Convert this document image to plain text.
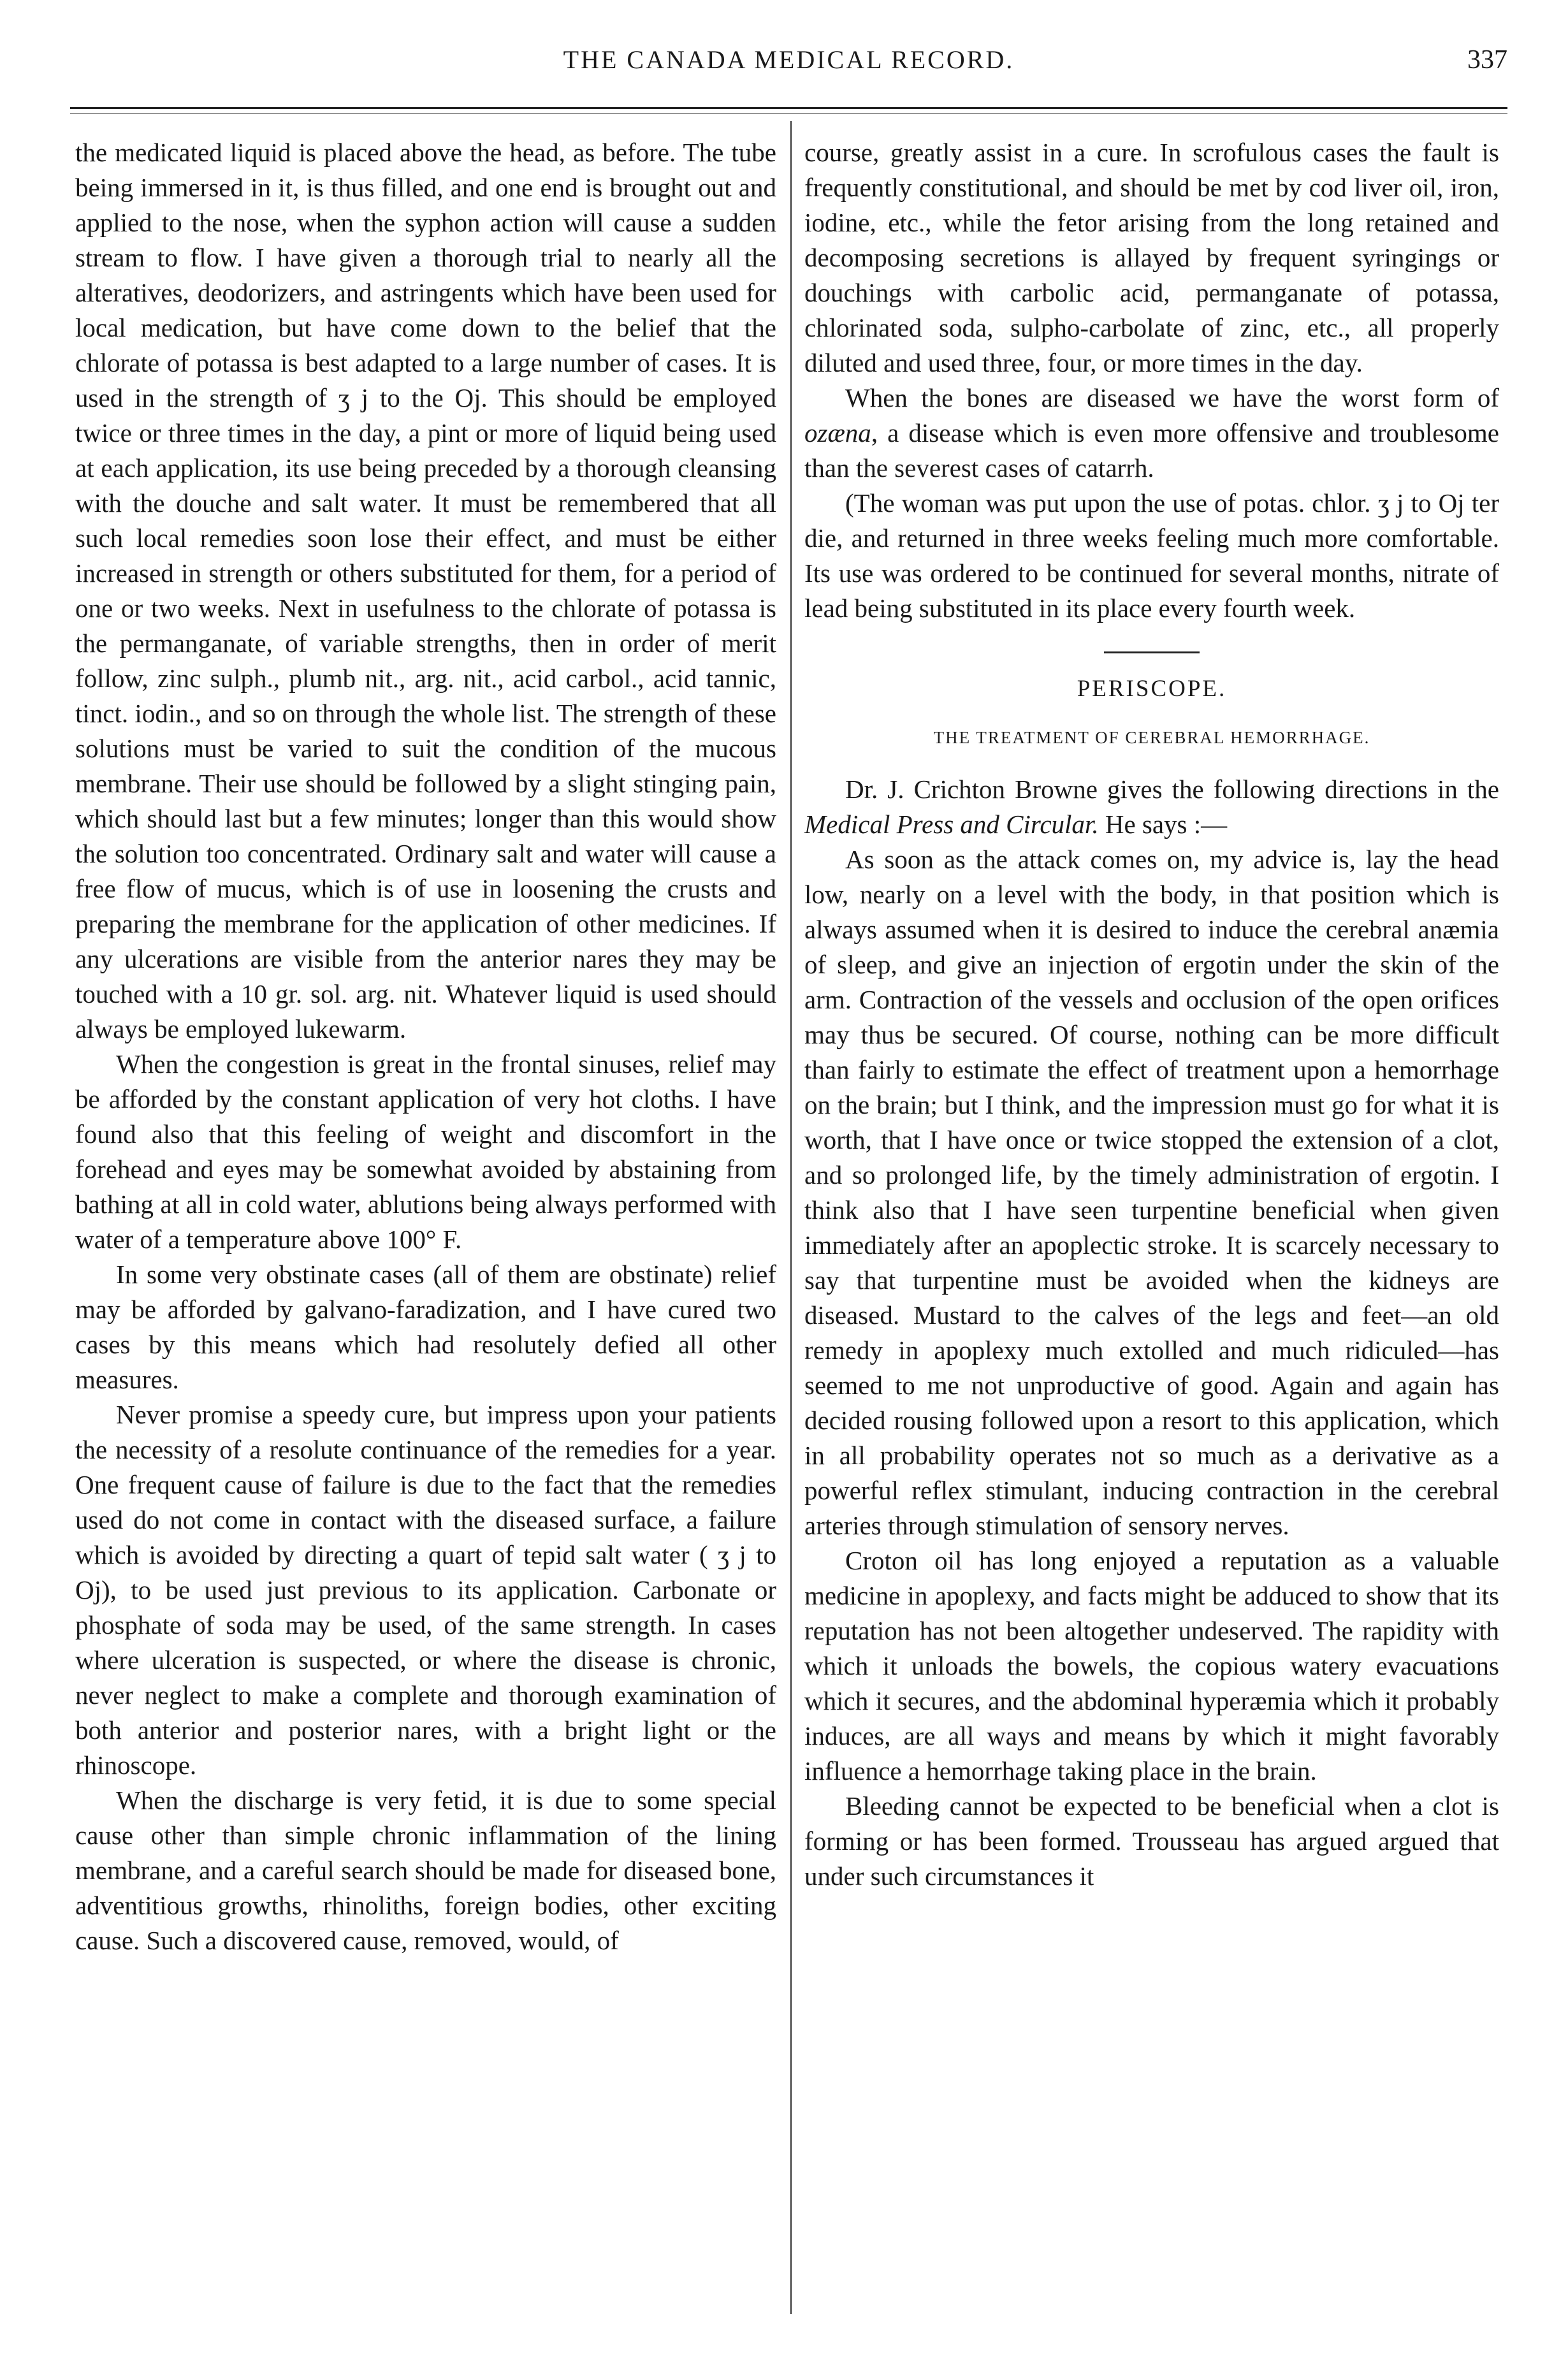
THE CANADA MEDICAL RECORD.	337

the medicated liquid is placed above the head, as before. The tube being immersed in it, is thus filled, and one end is brought out and applied to the nose, when the syphon action will cause a sudden stream to flow. I have given a thorough trial to nearly all the alteratives, deodorizers, and astringents which have been used for local medication, but have come down to the belief that the chlorate of potassa is best adapted to a large number of cases. It is used in the strength of ʒ j to the Oj. This should be employed twice or three times in the day, a pint or more of liquid being used at each application, its use being preceded by a thorough cleansing with the douche and salt water. It must be remembered that all such local remedies soon lose their effect, and must be either increased in strength or others substituted for them, for a period of one or two weeks. Next in usefulness to the chlorate of potassa is the permanganate, of variable strengths, then in order of merit follow, zinc sulph., plumb nit., arg. nit., acid carbol., acid tannic, tinct. iodin., and so on through the whole list. The strength of these solutions must be varied to suit the condition of the mucous membrane. Their use should be followed by a slight stinging pain, which should last but a few minutes; longer than this would show the solution too concentrated. Ordinary salt and water will cause a free flow of mucus, which is of use in loosening the crusts and preparing the membrane for the application of other medicines. If any ulcerations are visible from the anterior nares they may be touched with a 10 gr. sol. arg. nit. Whatever liquid is used should always be employed lukewarm.

When the congestion is great in the frontal sinuses, relief may be afforded by the constant application of very hot cloths. I have found also that this feeling of weight and discomfort in the forehead and eyes may be somewhat avoided by abstaining from bathing at all in cold water, ablutions being always performed with water of a temperature above 100° F.

In some very obstinate cases (all of them are obstinate) relief may be afforded by galvano-faradization, and I have cured two cases by this means which had resolutely defied all other measures.

Never promise a speedy cure, but impress upon your patients the necessity of a resolute continuance of the remedies for a year. One frequent cause of failure is due to the fact that the remedies used do not come in contact with the diseased surface, a failure which is avoided by directing a quart of tepid salt water ( ʒ j to Oj), to be used just previous to its application. Carbonate or phosphate of soda may be used, of the same strength. In cases where ulceration is suspected, or where the disease is chronic, never neglect to make a complete and thorough examination of both anterior and posterior nares, with a bright light or the rhinoscope.

When the discharge is very fetid, it is due to some special cause other than simple chronic inflammation of the lining membrane, and a careful search should be made for diseased bone, adventitious growths, rhinoliths, foreign bodies, other exciting cause. Such a discovered cause, removed, would, of

course, greatly assist in a cure. In scrofulous cases the fault is frequently constitutional, and should be met by cod liver oil, iron, iodine, etc., while the fetor arising from the long retained and decomposing secretions is allayed by frequent syringings or douchings with carbolic acid, permanganate of potassa, chlorinated soda, sulpho-carbolate of zinc, etc., all properly diluted and used three, four, or more times in the day.

When the bones are diseased we have the worst form of ozæna, a disease which is even more offensive and troublesome than the severest cases of catarrh.

(The woman was put upon the use of potas. chlor. ʒ j to Oj ter die, and returned in three weeks feeling much more comfortable. Its use was ordered to be continued for several months, nitrate of lead being substituted in its place every fourth week.

PERISCOPE.
THE TREATMENT OF CEREBRAL HEMORRHAGE.

Dr. J. Crichton Browne gives the following directions in the Medical Press and Circular. He says :—

As soon as the attack comes on, my advice is, lay the head low, nearly on a level with the body, in that position which is always assumed when it is desired to induce the cerebral anæmia of sleep, and give an injection of ergotin under the skin of the arm. Contraction of the vessels and occlusion of the open orifices may thus be secured. Of course, nothing can be more difficult than fairly to estimate the effect of treatment upon a hemorrhage on the brain; but I think, and the impression must go for what it is worth, that I have once or twice stopped the extension of a clot, and so prolonged life, by the timely administration of ergotin. I think also that I have seen turpentine beneficial when given immediately after an apoplectic stroke. It is scarcely necessary to say that turpentine must be avoided when the kidneys are diseased. Mustard to the calves of the legs and feet—an old remedy in apoplexy much extolled and much ridiculed—has seemed to me not unproductive of good. Again and again has decided rousing followed upon a resort to this application, which in all probability operates not so much as a derivative as a powerful reflex stimulant, inducing contraction in the cerebral arteries through stimulation of sensory nerves.

Croton oil has long enjoyed a reputation as a valuable medicine in apoplexy, and facts might be adduced to show that its reputation has not been altogether undeserved. The rapidity with which it unloads the bowels, the copious watery evacuations which it secures, and the abdominal hyperæmia which it probably induces, are all ways and means by which it might favorably influence a hemorrhage taking place in the brain.

Bleeding cannot be expected to be beneficial when a clot is forming or has been formed. Trousseau has argued argued that under such circumstances it
